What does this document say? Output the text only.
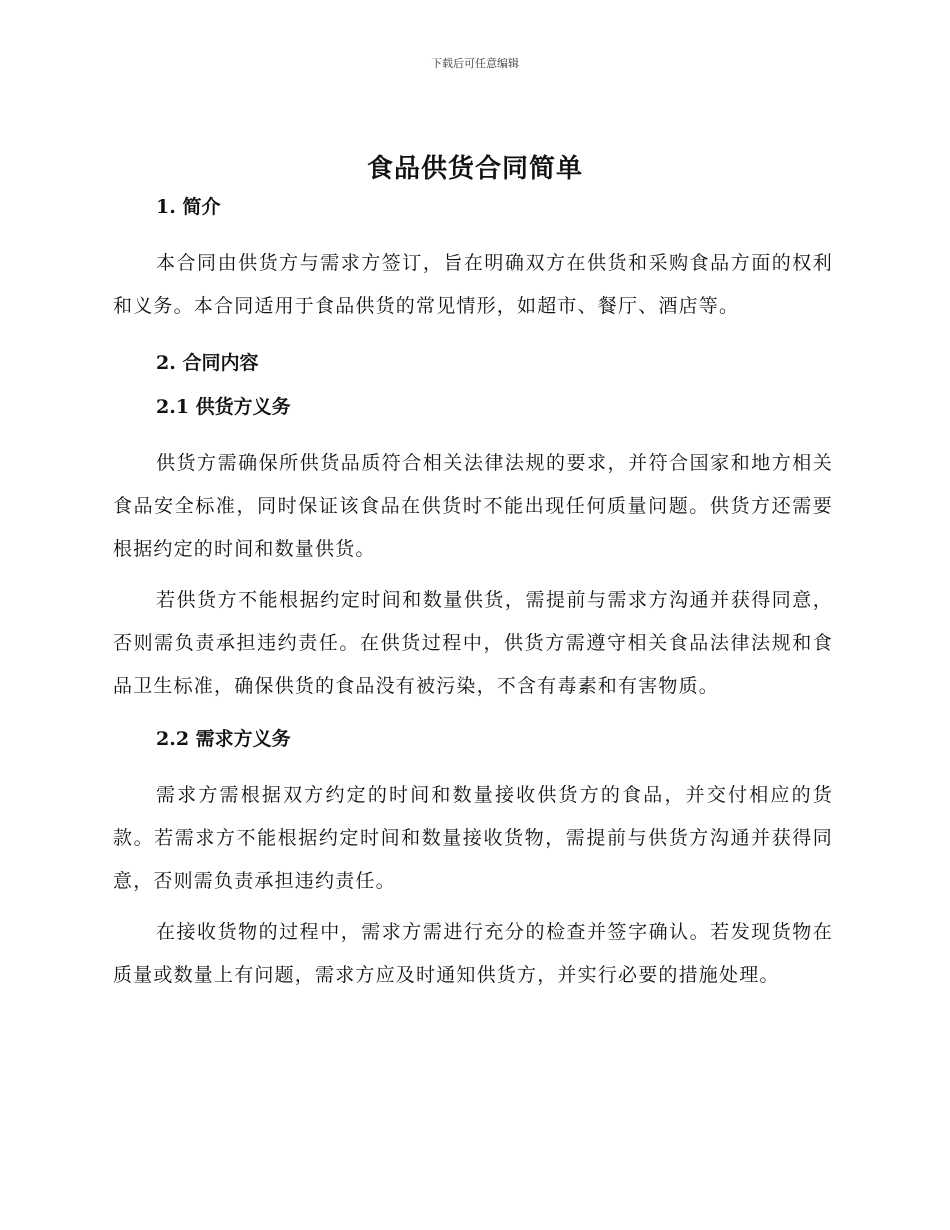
下载后可任意编辑
食品供货合同简单

1. 简介

本合同由供货方与需求方签订，旨在明确双方在供货和采购食品方面的权利和义务。本合同适用于食品供货的常见情形，如超市、餐厅、酒店等。

2. 合同内容

2.1 供货方义务

供货方需确保所供货品质符合相关法律法规的要求，并符合国家和地方相关食品安全标准，同时保证该食品在供货时不能出现任何质量问题。供货方还需要根据约定的时间和数量供货。

若供货方不能根据约定时间和数量供货，需提前与需求方沟通并获得同意，否则需负责承担违约责任。在供货过程中，供货方需遵守相关食品法律法规和食品卫生标准，确保供货的食品没有被污染，不含有毒素和有害物质。

2.2 需求方义务

需求方需根据双方约定的时间和数量接收供货方的食品，并交付相应的货款。若需求方不能根据约定时间和数量接收货物，需提前与供货方沟通并获得同意，否则需负责承担违约责任。

在接收货物的过程中，需求方需进行充分的检查并签字确认。若发现货物在质量或数量上有问题，需求方应及时通知供货方，并实行必要的措施处理。
